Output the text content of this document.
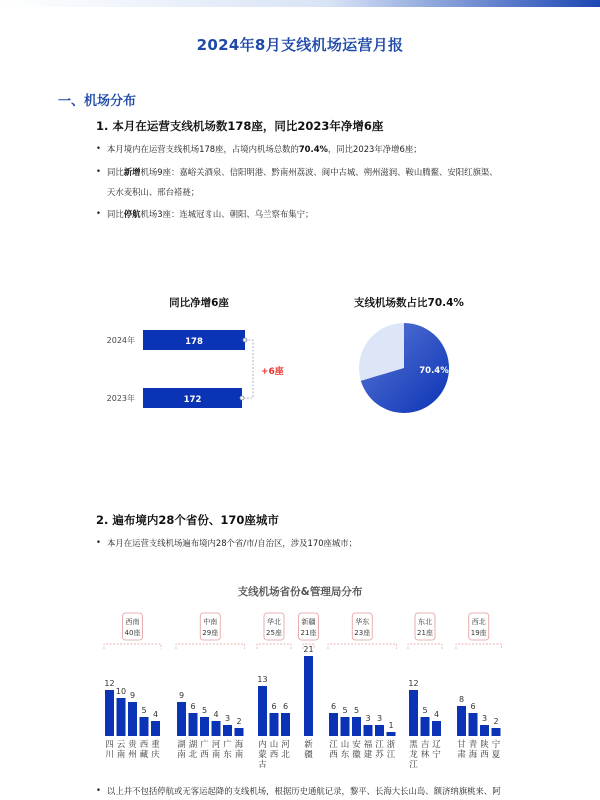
2024年8月支线机场运营月报
一、机场分布
1. 本月在运营支线机场数178座，同比2023年净增6座
• 本月境内在运营支线机场178座，占境内机场总数的70.4%，同比2023年净增6座；
• 同比新增机场9座：嘉峪关酒泉、信阳明港、黔南州荔波、阆中古城、朔州滋润、鞍山腾鳌、安阳红旗渠、
天水麦积山、邢台褡裢；
• 同比停航机场3座：连城冠豸山、朝阳、乌兰察布集宁；
同比净增6座
2024年	178
2023年	172
+6座
支线机场数占比70.4%
70.4%
2. 遍布境内28个省份、170座城市
• 本月在运营支线机场遍布境内28个省/市/自治区，涉及170座城市；
支线机场省份&管理局分布
西南
40座
12
四川
10
云南
9
贵州
5
西藏
4
重庆
中南
29座
9
湖南
6
湖北
5
广西
4
河南
3
广东
2
海南
华北
25座
13
内蒙古
6
山西
6
河北
新疆
21座
21
新疆
华东
23座
6
江西
5
山东
5
安徽
3
福建
3
江苏
1
浙江
东北
21座
12
黑龙江
5
吉林
4
辽宁
西北
19座
8
甘肃
6
青海
3
陕西
2
宁夏
• 以上并不包括停航或无客运起降的支线机场，根据历史通航记录，黎平、长海大长山岛、额济纳旗桃来、阿
